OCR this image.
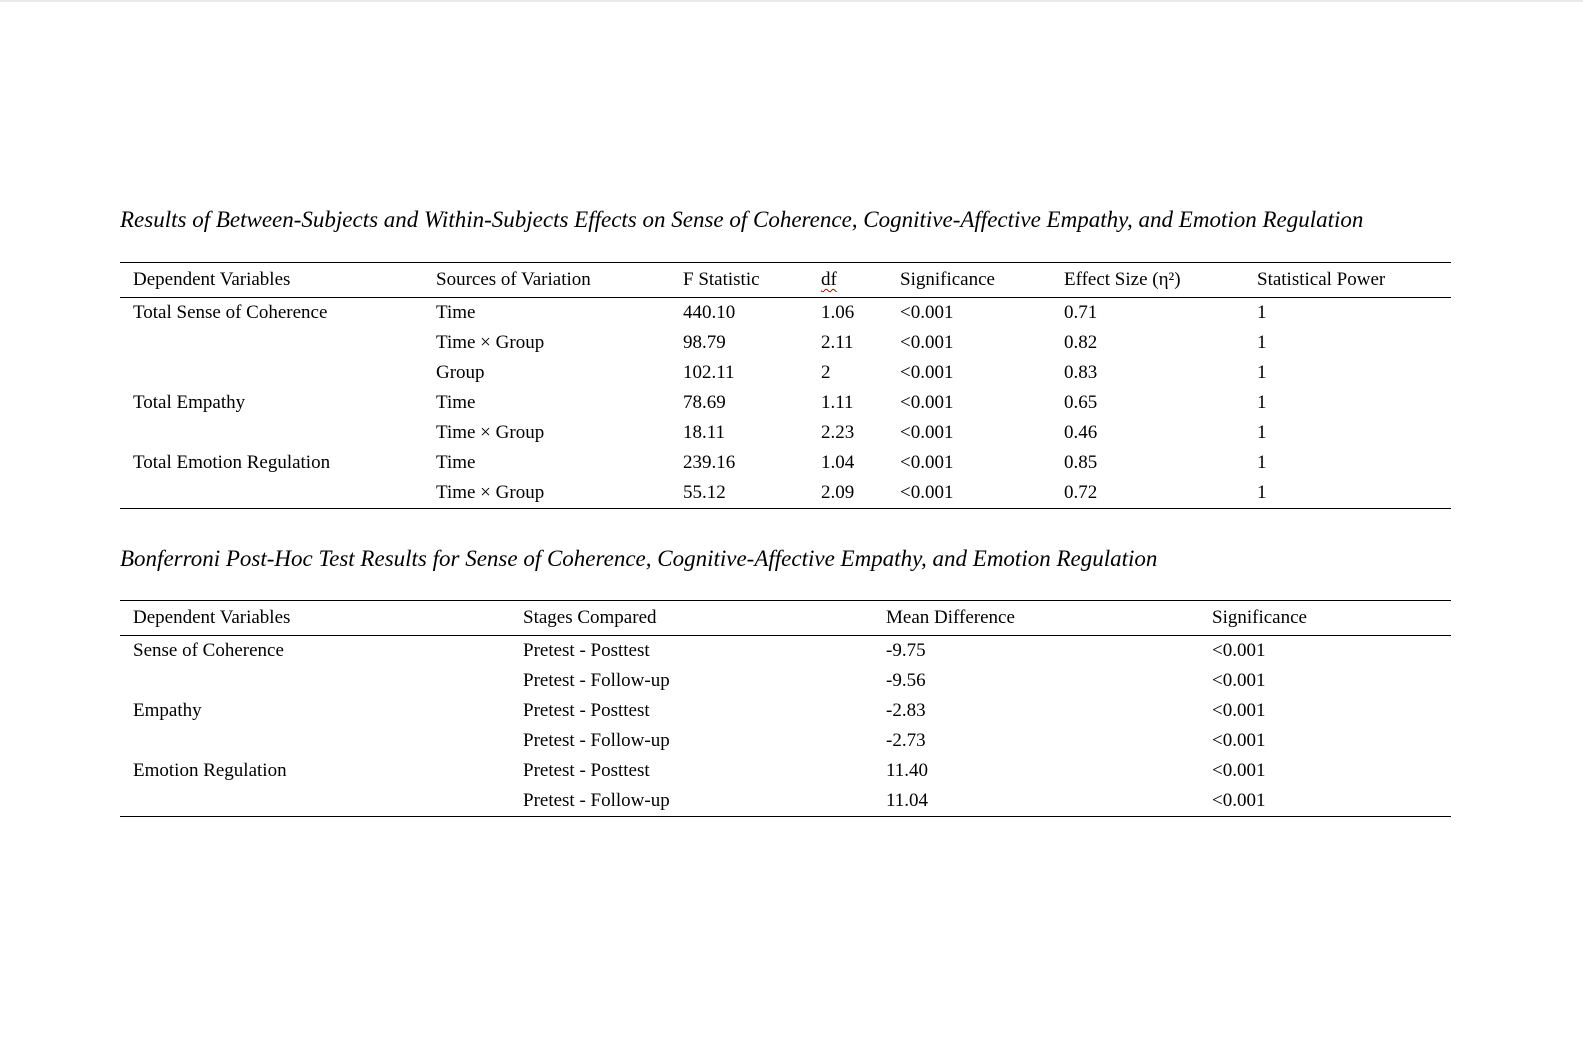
Results of Between-Subjects and Within-Subjects Effects on Sense of Coherence, Cognitive-Affective Empathy, and Emotion Regulation
Dependent Variables	Sources of Variation	F Statistic	df	Significance	Effect Size (η²)	Statistical Power
Total Sense of Coherence	Time	440.10	1.06	<0.001	0.71	1
	Time × Group	98.79	2.11	<0.001	0.82	1
	Group	102.11	2	<0.001	0.83	1
Total Empathy	Time	78.69	1.11	<0.001	0.65	1
	Time × Group	18.11	2.23	<0.001	0.46	1
Total Emotion Regulation	Time	239.16	1.04	<0.001	0.85	1
	Time × Group	55.12	2.09	<0.001	0.72	1
Bonferroni Post-Hoc Test Results for Sense of Coherence, Cognitive-Affective Empathy, and Emotion Regulation
Dependent Variables	Stages Compared	Mean Difference	Significance
Sense of Coherence	Pretest - Posttest	-9.75	<0.001
	Pretest - Follow-up	-9.56	<0.001
Empathy	Pretest - Posttest	-2.83	<0.001
	Pretest - Follow-up	-2.73	<0.001
Emotion Regulation	Pretest - Posttest	11.40	<0.001
	Pretest - Follow-up	11.04	<0.001
